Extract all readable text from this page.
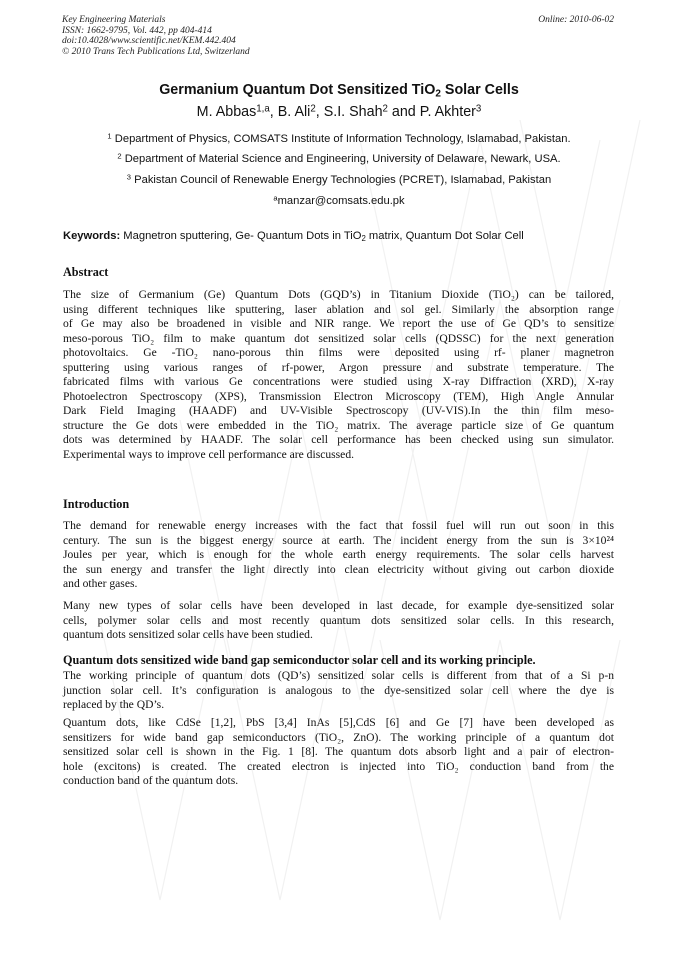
Key Engineering Materials
ISSN: 1662-9795, Vol. 442, pp 404-414
doi:10.4028/www.scientific.net/KEM.442.404
© 2010 Trans Tech Publications Ltd, Switzerland
Online: 2010-06-02
Germanium Quantum Dot Sensitized TiO$_2$ Solar Cells
M. Abbas$^{1,a}$, B. Ali$^2$, S.I. Shah$^2$ and P. Akhter$^3$
$^1$ Department of Physics, COMSATS Institute of Information Technology, Islamabad, Pakistan.
$^2$ Department of Material Science and Engineering, University of Delaware, Newark, USA.
$^3$ Pakistan Council of Renewable Energy Technologies (PCRET), Islamabad, Pakistan
$^a$manzar@comsats.edu.pk
Keywords: Magnetron sputtering, Ge- Quantum Dots in TiO$_2$ matrix, Quantum Dot Solar Cell
Abstract
The size of Germanium (Ge) Quantum Dots (GQD’s) in Titanium Dioxide (TiO₂) can be tailored,
using different techniques like sputtering, laser ablation and sol gel. Similarly the absorption range
of Ge may also be broadened in visible and NIR range. We report the use of Ge QD’s to sensitize
meso-porous TiO₂ film to make quantum dot sensitized solar cells (QDSSC) for the next generation
photovoltaics. Ge -TiO₂ nano-porous thin films were deposited using rf- planer magnetron
sputtering using various ranges of rf-power, Argon pressure and substrate temperature. The
fabricated films with various Ge concentrations were studied using X-ray Diffraction (XRD), X-ray
Photoelectron Spectroscopy (XPS), Transmission Electron Microscopy (TEM), High Angle Annular
Dark Field Imaging (HAADF) and UV-Visible Spectroscopy (UV-VIS).In the thin film meso-
structure the Ge dots were embedded in the TiO₂ matrix. The average particle size of Ge quantum
dots was determined by HAADF. The solar cell performance has been checked using sun simulator.
Experimental ways to improve cell performance are discussed.
Introduction
The demand for renewable energy increases with the fact that fossil fuel will run out soon in this
century. The sun is the biggest energy source at earth. The incident energy from the sun is 3×10²⁴
Joules per year, which is enough for the whole earth energy requirements. The solar cells harvest
the sun energy and transfer the light directly into clean electricity without giving out carbon dioxide
and other gases.
Many new types of solar cells have been developed in last decade, for example dye-sensitized solar
cells, polymer solar cells and most recently quantum dots sensitized solar cells. In this research,
quantum dots sensitized solar cells have been studied.
Quantum dots sensitized wide band gap semiconductor solar cell and its working principle.
The working principle of quantum dots (QD’s) sensitized solar cells is different from that of a Si p-n
junction solar cell. It’s configuration is analogous to the dye-sensitized solar cell where the dye is
replaced by the QD’s.
Quantum dots, like CdSe [1,2], PbS [3,4] InAs [5],CdS [6] and Ge [7] have been developed as
sensitizers for wide band gap semiconductors (TiO₂, ZnO). The working principle of a quantum dot
sensitized solar cell is shown in the Fig. 1 [8]. The quantum dots absorb light and a pair of electron-
hole (excitons) is created. The created electron is injected into TiO₂ conduction band from the
conduction band of the quantum dots.
